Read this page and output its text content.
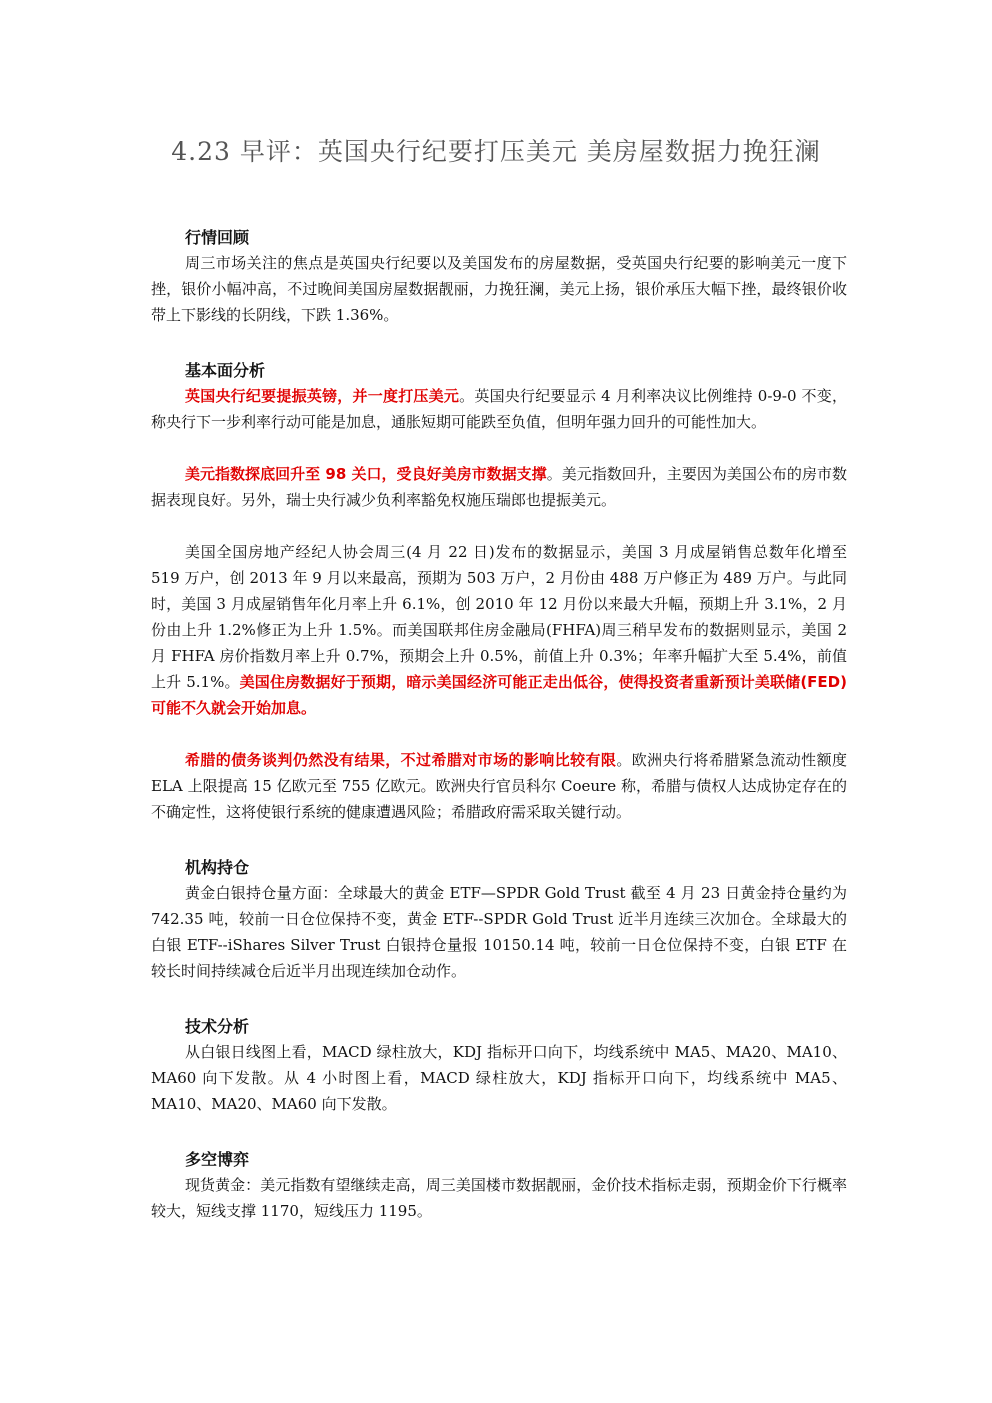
4.23 早评：英国央行纪要打压美元 美房屋数据力挽狂澜
行情回顾

周三市场关注的焦点是英国央行纪要以及美国发布的房屋数据，受英国央行纪要的影响美元一度下挫，银价小幅冲高，不过晚间美国房屋数据靓丽，力挽狂澜，美元上扬，银价承压大幅下挫，最终银价收带上下影线的长阴线，下跌 1.36%。

基本面分析

英国央行纪要提振英镑，并一度打压美元。英国央行纪要显示 4 月利率决议比例维持 0-9-0 不变，称央行下一步利率行动可能是加息，通胀短期可能跌至负值，但明年强力回升的可能性加大。

美元指数探底回升至 98 关口，受良好美房市数据支撑。美元指数回升，主要因为美国公布的房市数据表现良好。另外，瑞士央行减少负利率豁免权施压瑞郎也提振美元。

美国全国房地产经纪人协会周三(4 月 22 日)发布的数据显示，美国 3 月成屋销售总数年化增至 519 万户，创 2013 年 9 月以来最高，预期为 503 万户，2 月份由 488 万户修正为 489 万户。与此同时，美国 3 月成屋销售年化月率上升 6.1%，创 2010 年 12 月份以来最大升幅，预期上升 3.1%，2 月份由上升 1.2%修正为上升 1.5%。而美国联邦住房金融局(FHFA)周三稍早发布的数据则显示，美国 2 月 FHFA 房价指数月率上升 0.7%，预期会上升 0.5%，前值上升 0.3%；年率升幅扩大至 5.4%，前值上升 5.1%。美国住房数据好于预期，暗示美国经济可能正走出低谷，使得投资者重新预计美联储(FED)可能不久就会开始加息。

希腊的债务谈判仍然没有结果，不过希腊对市场的影响比较有限。欧洲央行将希腊紧急流动性额度 ELA 上限提高 15 亿欧元至 755 亿欧元。欧洲央行官员科尔 Coeure 称，希腊与债权人达成协定存在的不确定性，这将使银行系统的健康遭遇风险；希腊政府需采取关键行动。

机构持仓

黄金白银持仓量方面：全球最大的黄金 ETF—SPDR Gold Trust 截至 4 月 23 日黄金持仓量约为 742.35 吨，较前一日仓位保持不变，黄金 ETF--SPDR Gold Trust 近半月连续三次加仓。全球最大的白银 ETF--iShares Silver Trust 白银持仓量报 10150.14 吨，较前一日仓位保持不变，白银 ETF 在较长时间持续减仓后近半月出现连续加仓动作。

技术分析

从白银日线图上看，MACD 绿柱放大，KDJ 指标开口向下，均线系统中 MA5、MA20、MA10、MA60 向下发散。从 4 小时图上看，MACD 绿柱放大，KDJ 指标开口向下，均线系统中 MA5、MA10、MA20、MA60 向下发散。

多空博弈

现货黄金：美元指数有望继续走高，周三美国楼市数据靓丽，金价技术指标走弱，预期金价下行概率较大，短线支撑 1170，短线压力 1195。
